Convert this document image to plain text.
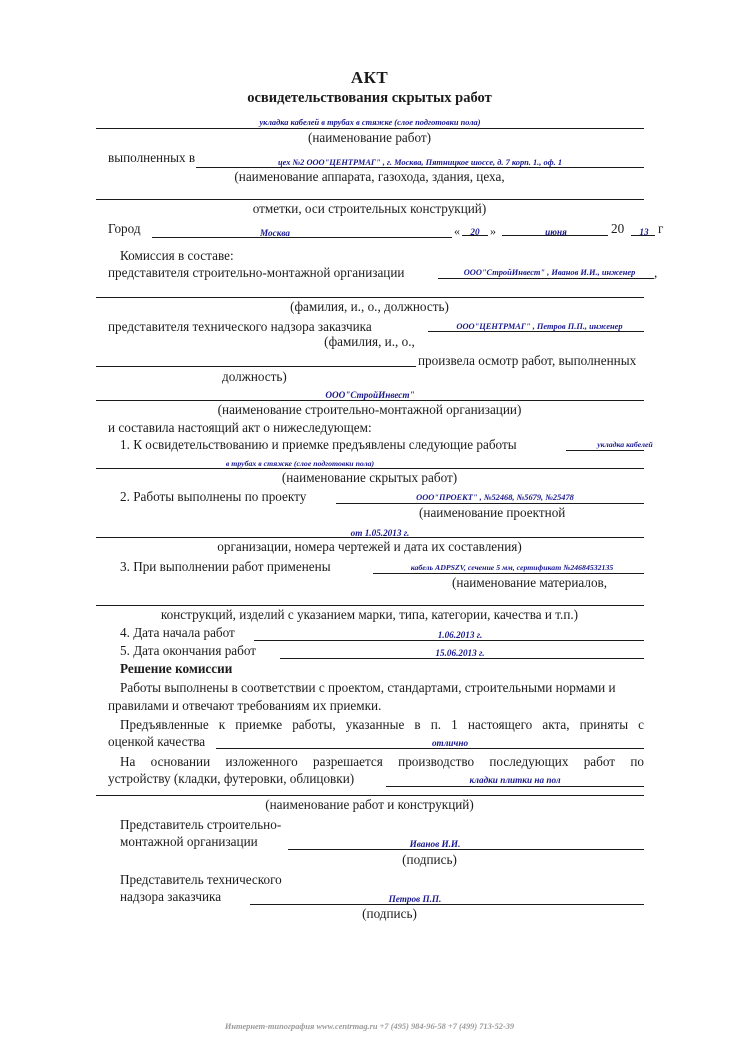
АКТ
освидетельствования скрытых работ
укладка кабелей в трубах в стяжке (слое подготовки пола)
(наименование работ)
выполненных в	цех №2 ООО"ЦЕНТРМАГ" , г. Москва, Пятницкое шоссе, д. 7 корп. 1., оф. 1
(наименование аппарата, газохода, здания, цеха,
отметки, оси строительных конструкций)
Город	Москва	«	20 »	июня	20	13 г
Комиссия в составе:
представителя строительно-монтажной организации	ООО"СтройИнвест" , Иванов И.И., инженер	,
(фамилия, и., о., должность)
представителя технического надзора заказчика	ООО"ЦЕНТРМАГ" , Петров П.П., инженер
(фамилия, и., о.,
произвела осмотр работ, выполненных
должность)
ООО"СтройИнвест"
(наименование строительно-монтажной организации)
и составила настоящий акт о нижеследующем:
1. К освидетельствованию и приемке предъявлены следующие работы	укладка кабелей
в трубах в стяжке (слое подготовки пола)
(наименование скрытых работ)
2. Работы выполнены по проекту	ООО"ПРОЕКТ" , №52468, №5679, №25478
(наименование проектной
от 1.05.2013 г.
организации, номера чертежей и дата их составления)
3. При выполнении работ применены	кабель ADPSZV, сечение 5 мм, сертификат №24684532135
(наименование материалов,
конструкций, изделий с указанием марки, типа, категории, качества и т.п.)
4. Дата начала работ	1.06.2013 г.
5. Дата окончания работ	15.06.2013 г.
Решение комиссии
Работы выполнены в соответствии с проектом, стандартами, строительными нормами и
правилами и отвечают требованиям их приемки.
Предъявленные к приемке работы, указанные в п. 1 настоящего акта, приняты с
оценкой качества	отлично
На основании изложенного разрешается производство последующих работ по
устройству (кладки, футеровки, облицовки)	кладки плитки на пол
(наименование работ и конструкций)
Представитель строительно-
монтажной организации	Иванов И.И.
(подпись)
Представитель технического
надзора заказчика	Петров П.П.
(подпись)
Интернет-типография www.centrmag.ru +7 (495) 984-96-58 +7 (499) 713-52-39
